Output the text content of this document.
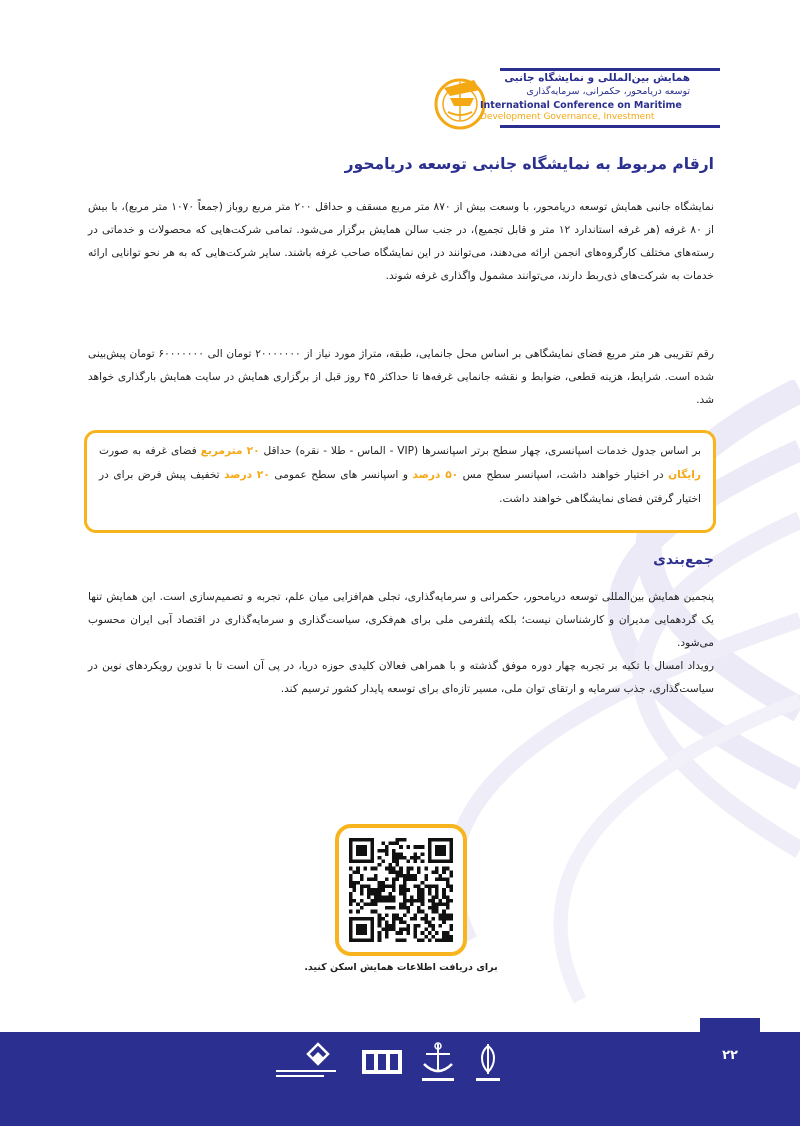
همایش بین‌المللی و نمایشگاه جانبی
توسعه دریامحور، حکمرانی، سرمایه‌گذاری
International Conference on Maritime
Development Governance, Investment
ارقام مربوط به نمایشگاه جانبی توسعه دریامحور
نمایشگاه جانبی همایش توسعه دریامحور، با وسعت بیش از ۸۷۰ متر مربع مسقف و حداقل ۲۰۰ متر مربع روباز (جمعاً ۱۰۷۰ متر مربع)، با بیش از ۸۰ غرفه (هر غرفه استاندارد ۱۲ متر و قابل تجمیع)، در جنب سالن همایش برگزار می‌شود. تمامی شرکت‌هایی که محصولات و خدماتی در رسته‌های مختلف کارگروه‌های انجمن ارائه می‌دهند، می‌توانند در این نمایشگاه صاحب غرفه باشند. سایر شرکت‌هایی که به هر نحو توانایی ارائه خدمات به شرکت‌های ذی‌ربط دارند، می‌توانند مشمول واگذاری غرفه شوند.
رقم تقریبی هر متر مربع فضای نمایشگاهی بر اساس محل جانمایی، طبقه، متراژ مورد نیاز از ۲۰۰۰۰۰۰۰ تومان الی ۶۰۰۰۰۰۰۰ تومان پیش‌بینی شده است. شرایط، هزینه قطعی، ضوابط و نقشه جانمایی غرفه‌ها تا حداکثر ۴۵ روز قبل از برگزاری همایش در سایت همایش بارگذاری خواهد شد.
بر اساس جدول خدمات اسپانسری، چهار سطح برتر اسپانسرها (VIP - الماس - طلا - نقره) حداقل ۲۰ مترمربع فضای غرفه به صورت رایگان در اختیار خواهند داشت، اسپانسر سطح مس ۵۰ درصد و اسپانسر های سطح عمومی ۲۰ درصد تخفیف پیش فرض برای در اختیار گرفتن فضای نمایشگاهی خواهند داشت.
جمع‌بندی
پنجمین همایش بین‌المللی توسعه دریامحور، حکمرانی و سرمایه‌گذاری، تجلی هم‌افزایی میان علم، تجربه و تصمیم‌سازی است. این همایش تنها یک گردهمایی مدیران و کارشناسان نیست؛ بلکه پلتفرمی ملی برای هم‌فکری، سیاست‌گذاری و سرمایه‌گذاری در اقتصاد آبی ایران محسوب می‌شود.
رویداد امسال با تکیه بر تجربه چهار دوره موفق گذشته و با همراهی فعالان کلیدی حوزه دریا، در پی آن است تا با تدوین رویکردهای نوین در سیاست‌گذاری، جذب سرمایه و ارتقای توان ملی، مسیر تازه‌ای برای توسعه پایدار کشور ترسیم کند.
برای دریافت اطلاعات همایش اسکن کنید.
۲۲
